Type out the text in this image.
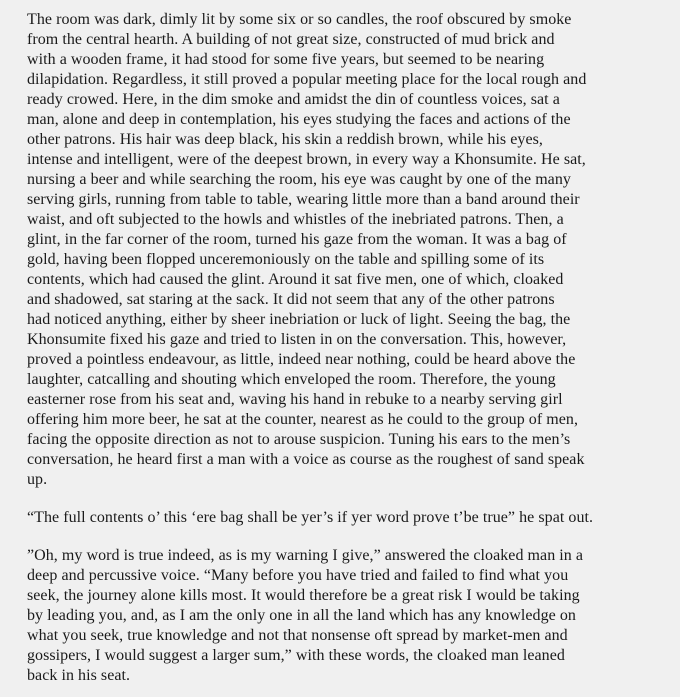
The room was dark, dimly lit by some six or so candles, the roof obscured by smoke
from the central hearth. A building of not great size, constructed of mud brick and
with a wooden frame, it had stood for some five years, but seemed to be nearing
dilapidation. Regardless, it still proved a popular meeting place for the local rough and
ready crowed. Here, in the dim smoke and amidst the din of countless voices, sat a
man, alone and deep in contemplation, his eyes studying the faces and actions of the
other patrons. His hair was deep black, his skin a reddish brown, while his eyes,
intense and intelligent, were of the deepest brown, in every way a Khonsumite. He sat,
nursing a beer and while searching the room, his eye was caught by one of the many
serving girls, running from table to table, wearing little more than a band around their
waist, and oft subjected to the howls and whistles of the inebriated patrons. Then, a
glint, in the far corner of the room, turned his gaze from the woman. It was a bag of
gold, having been flopped unceremoniously on the table and spilling some of its
contents, which had caused the glint. Around it sat five men, one of which, cloaked
and shadowed, sat staring at the sack. It did not seem that any of the other patrons
had noticed anything, either by sheer inebriation or luck of light. Seeing the bag, the
Khonsumite fixed his gaze and tried to listen in on the conversation. This, however,
proved a pointless endeavour, as little, indeed near nothing, could be heard above the
laughter, catcalling and shouting which enveloped the room. Therefore, the young
easterner rose from his seat and, waving his hand in rebuke to a nearby serving girl
offering him more beer, he sat at the counter, nearest as he could to the group of men,
facing the opposite direction as not to arouse suspicion. Tuning his ears to the men’s
conversation, he heard first a man with a voice as course as the roughest of sand speak
up.

“The full contents o’ this ‘ere bag shall be yer’s if yer word prove t’be true” he spat out.

”Oh, my word is true indeed, as is my warning I give,” answered the cloaked man in a
deep and percussive voice. “Many before you have tried and failed to find what you
seek, the journey alone kills most. It would therefore be a great risk I would be taking
by leading you, and, as I am the only one in all the land which has any knowledge on
what you seek, true knowledge and not that nonsense oft spread by market-men and
gossipers, I would suggest a larger sum,” with these words, the cloaked man leaned
back in his seat.
